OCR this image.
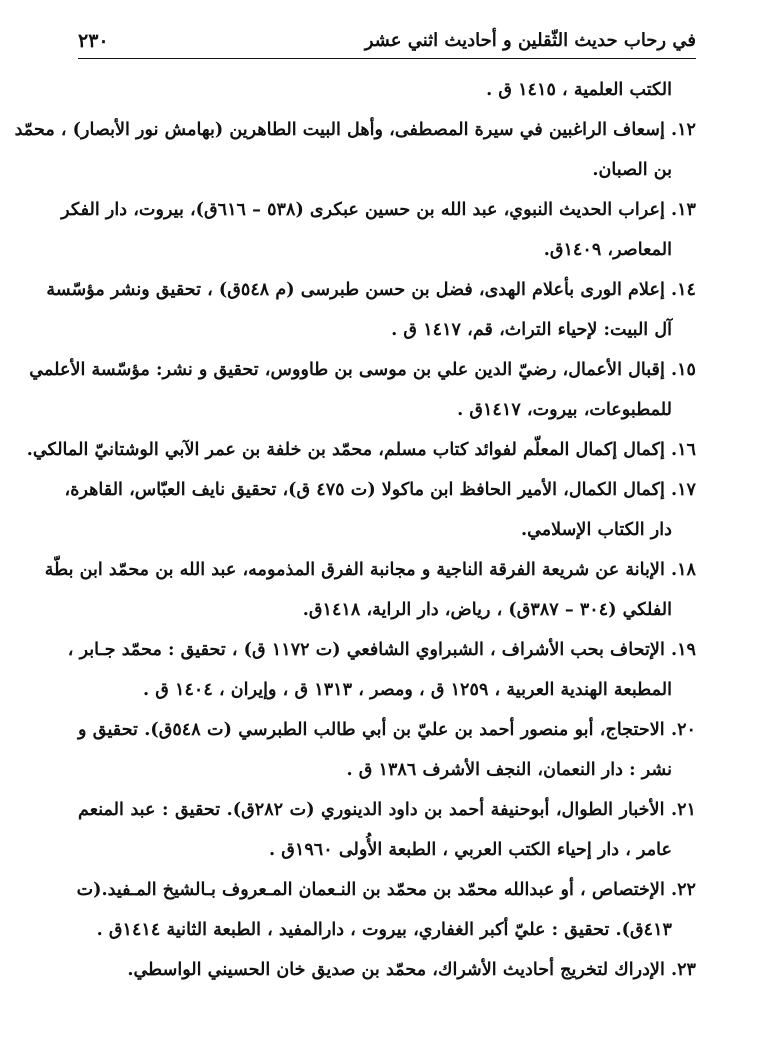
في رحاب حديث الثّقلين و أحاديث اثني عشر
٢٣٠
الكتب العلمية ، ١٤١٥ ق .
١٢. إسعاف الراغبين في سيرة المصطفى، وأهل البيت الطاهرين (بهامش نور الأبصار) ، محمّد
بن الصبان.
١٣. إعراب الحديث النبوي، عبد الله بن حسين عبكرى (٥٣٨ – ٦١٦ق)، بيروت، دار الفكر
المعاصر، ١٤٠٩ق.
١٤. إعلام الورى بأعلام الهدى، فضل بن حسن طبرسى (م ٥٤٨ق) ، تحقيق ونشر مؤسّسة
آل البيت: لإحياء التراث، قم، ١٤١٧ ق .
١٥. إقبال الأعمال، رضيّ الدين علي بن موسى بن طاووس، تحقيق و نشر: مؤسّسة الأعلمي
للمطبوعات، بيروت، ١٤١٧ق .
١٦. إكمال إكمال المعلّم لفوائد كتاب مسلم، محمّد بن خلفة بن عمر الآبي الوشتانيّ المالكي.
١٧. إكمال الكمال، الأمير الحافظ ابن ماكولا (ت ٤٧٥ ق)، تحقيق نايف العبّاس، القاهرة،
دار الكتاب الإسلامي.
١٨. الإبانة عن شريعة الفرقة الناجية و مجانبة الفرق المذمومه، عبد الله بن محمّد ابن بطّة
الفلكي (٣٠٤ – ٣٨٧ق) ، رياض، دار الراية، ١٤١٨ق.
١٩. الإتحاف بحب الأشراف ، الشبراوي الشافعي (ت ١١٧٢ ق) ، تحقيق : محمّد جـابر ،
المطبعة الهندية العربية ، ١٢٥٩ ق ، ومصر ، ١٣١٣ ق ، وإيران ، ١٤٠٤ ق .
٢٠. الاحتجاج، أبو منصور أحمد بن عليّ بن أبي طالب الطبرسي (ت ٥٤٨ق). تحقيق و
نشر : دار النعمان، النجف الأشرف ١٣٨٦ ق .
٢١. الأخبار الطوال، أبوحنيفة أحمد بن داود الدينوري (ت ٢٨٢ق). تحقيق : عبد المنعم
عامر ، دار إحياء الكتب العربي ، الطبعة الأُولى ١٩٦٠ق .
٢٢. الإختصاص ، أو عبدالله محمّد بن محمّد بن النـعمان المـعروف بـالشيخ المـفيد.(ت
٤١٣ق). تحقيق : عليّ أكبر الغفاري، بيروت ، دارالمفيد ، الطبعة الثانية ١٤١٤ق .
٢٣. الإدراك لتخريج أحاديث الأشراك، محمّد بن صديق خان الحسيني الواسطي.
